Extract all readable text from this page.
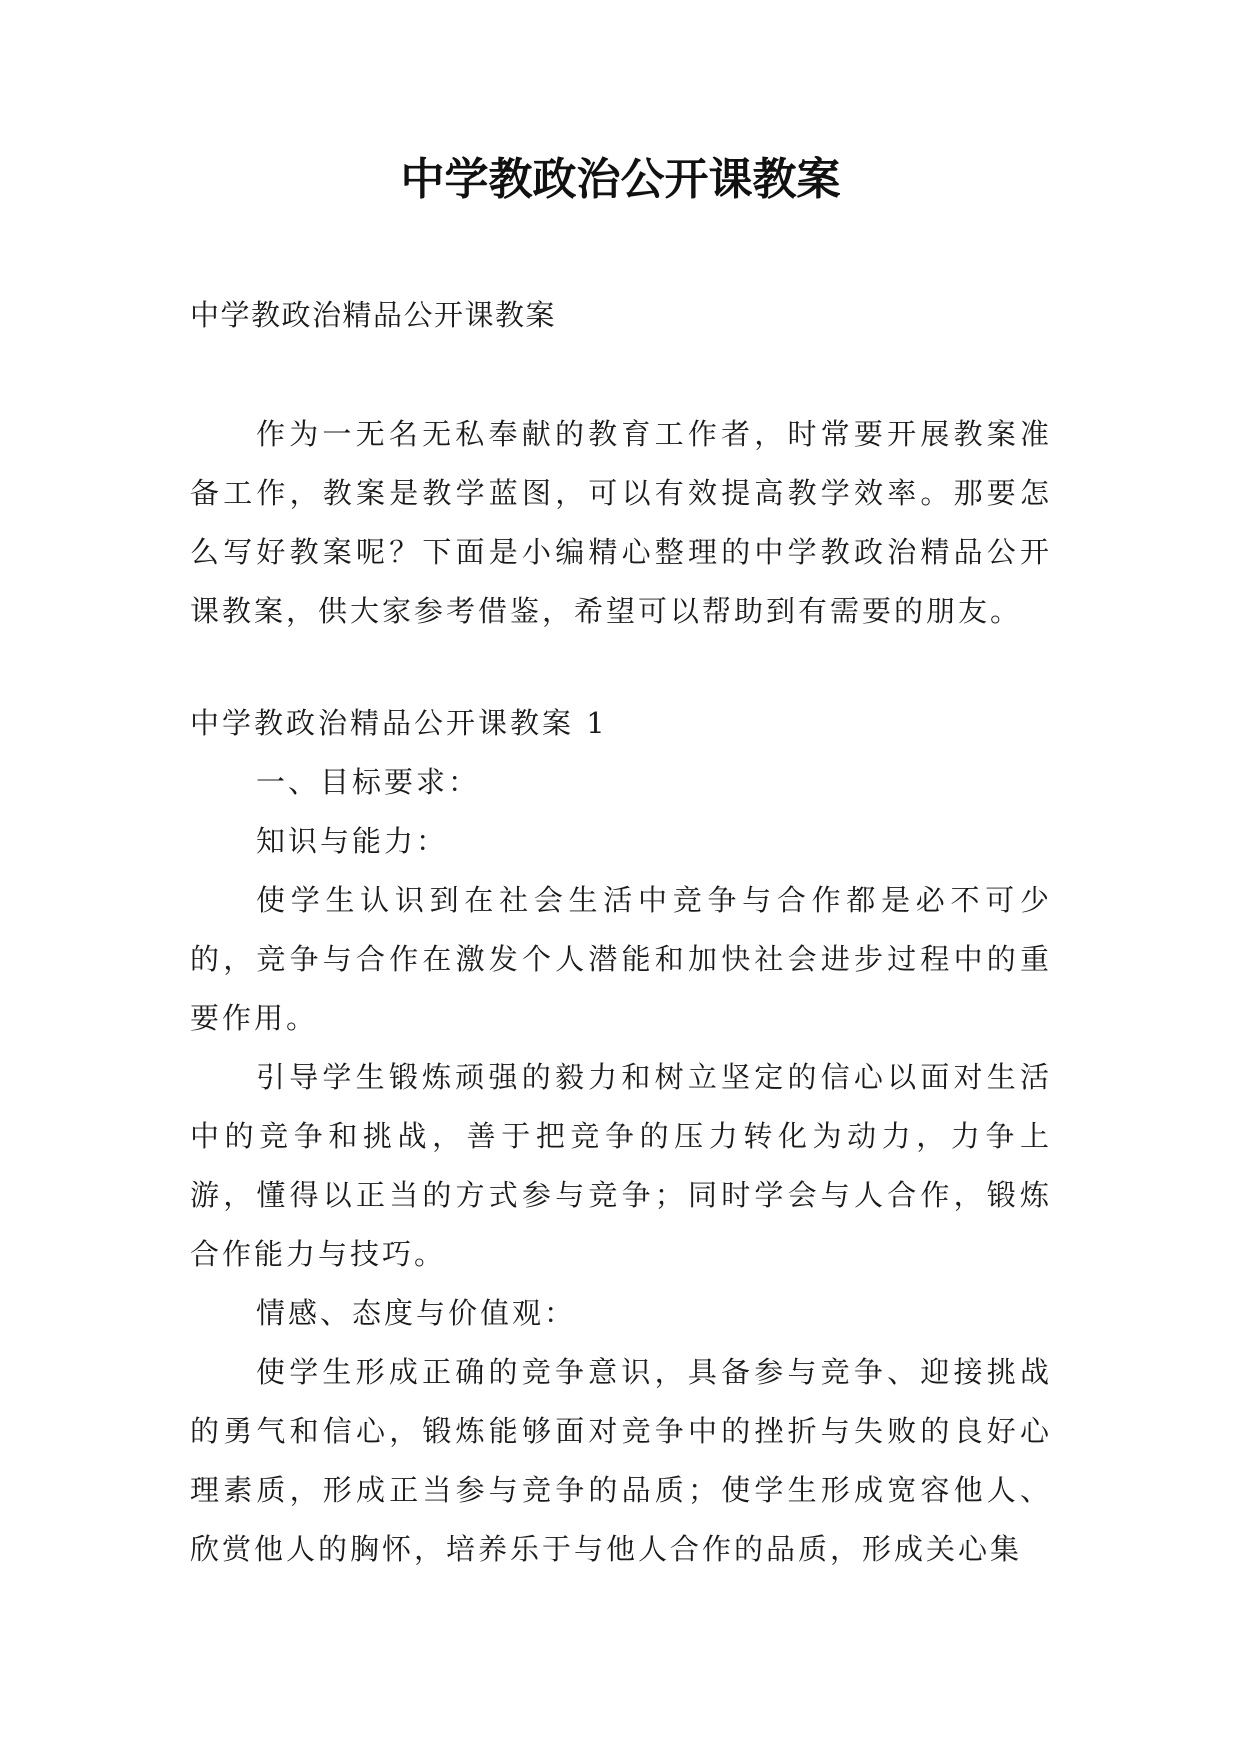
中学教政治公开课教案

中学教政治精品公开课教案

作为一无名无私奉献的教育工作者，时常要开展教案准备工作，教案是教学蓝图，可以有效提高教学效率。那要怎么写好教案呢？下面是小编精心整理的中学教政治精品公开课教案，供大家参考借鉴，希望可以帮助到有需要的朋友。

中学教政治精品公开课教案 1

一、目标要求：

知识与能力：

使学生认识到在社会生活中竞争与合作都是必不可少的，竞争与合作在激发个人潜能和加快社会进步过程中的重要作用。

引导学生锻炼顽强的毅力和树立坚定的信心以面对生活中的竞争和挑战，善于把竞争的压力转化为动力，力争上游，懂得以正当的方式参与竞争；同时学会与人合作，锻炼合作能力与技巧。

情感、态度与价值观：

使学生形成正确的竞争意识，具备参与竞争、迎接挑战的勇气和信心，锻炼能够面对竞争中的挫折与失败的良好心理素质，形成正当参与竞争的品质；使学生形成宽容他人、欣赏他人的胸怀，培养乐于与他人合作的品质，形成关心集
